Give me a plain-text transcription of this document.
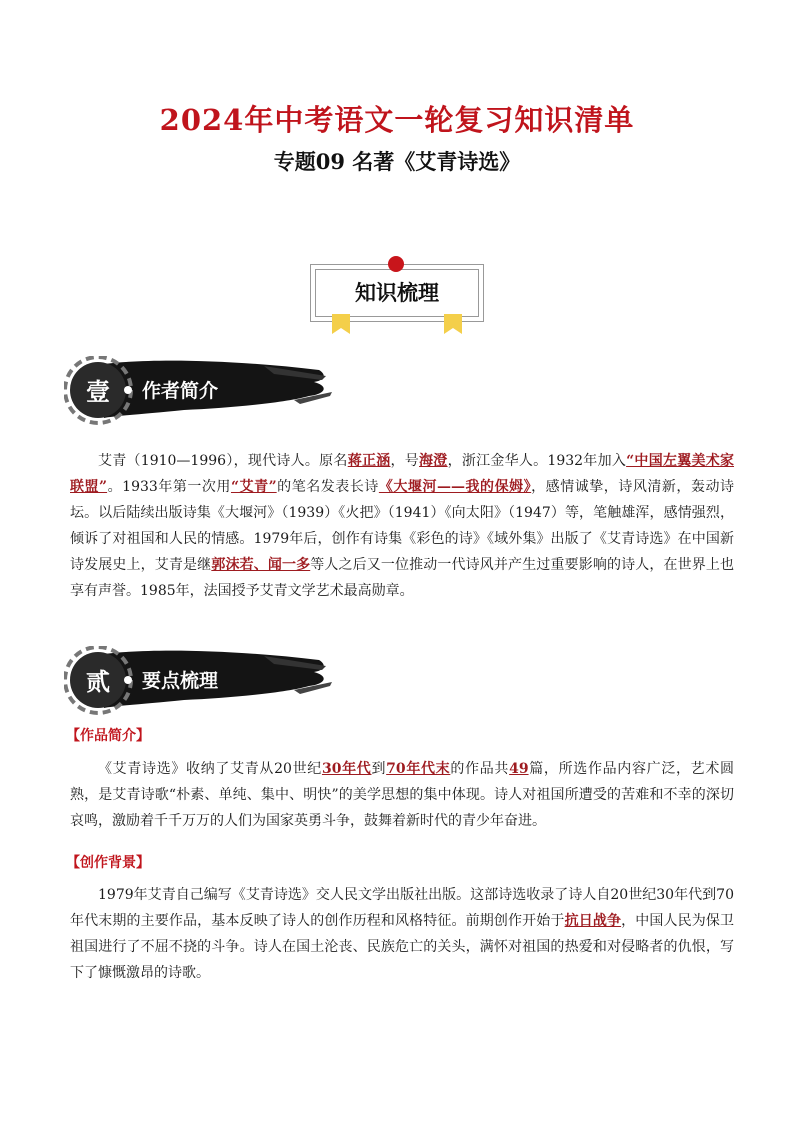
2024年中考语文一轮复习知识清单
专题09 名著《艾青诗选》
知识梳理
壹 作者简介
艾青（1910—1996），现代诗人。原名蒋正涵，号海澄，浙江金华人。1932年加入“中国左翼美术家联盟”。1933年第一次用“艾青”的笔名发表长诗《大堰河——我的保姆》，感情诚挚，诗风清新，轰动诗坛。以后陆续出版诗集《大堰河》（1939）《火把》（1941）《向太阳》（1947）等，笔触雄浑，感情强烈，倾诉了对祖国和人民的情感。1979年后，创作有诗集《彩色的诗》《域外集》出版了《艾青诗选》在中国新诗发展史上，艾青是继郭沫若、闻一多等人之后又一位推动一代诗风并产生过重要影响的诗人，在世界上也享有声誉。1985年，法国授予艾青文学艺术最高勋章。
贰 要点梳理
【作品简介】
《艾青诗选》收纳了艾青从20世纪30年代到70年代末的作品共49篇，所选作品内容广泛，艺术圆熟，是艾青诗歌“朴素、单纯、集中、明快”的美学思想的集中体现。诗人对祖国所遭受的苦难和不幸的深切哀鸣，激励着千千万万的人们为国家英勇斗争，鼓舞着新时代的青少年奋进。
【创作背景】
1979年艾青自己编写《艾青诗选》交人民文学出版社出版。这部诗选收录了诗人自20世纪30年代到70年代末期的主要作品，基本反映了诗人的创作历程和风格特征。前期创作开始于抗日战争，中国人民为保卫祖国进行了不屈不挠的斗争。诗人在国土沦丧、民族危亡的关头，满怀对祖国的热爱和对侵略者的仇恨，写下了慷慨激昂的诗歌。
